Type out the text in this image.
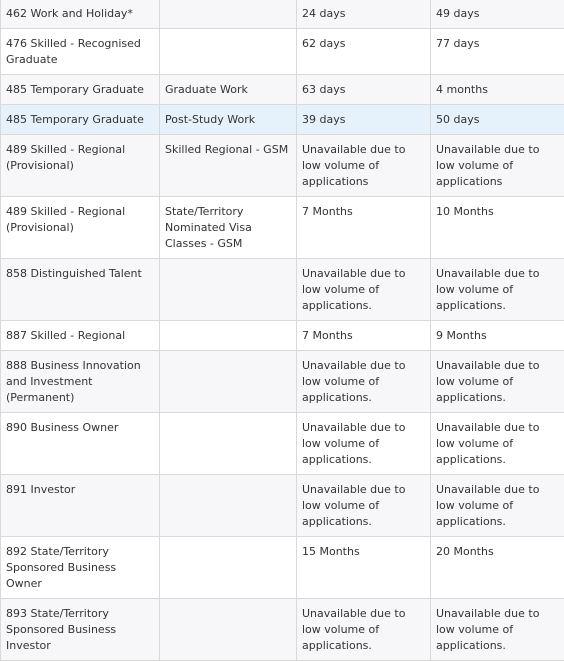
462 Work and Holiday*		24 days	49 days
476 Skilled - Recognised Graduate		62 days	77 days
485 Temporary Graduate	Graduate Work	63 days	4 months
485 Temporary Graduate	Post-Study Work	39 days	50 days
489 Skilled - Regional (Provisional)	Skilled Regional - GSM	Unavailable due to low volume of applications	Unavailable due to low volume of applications
489 Skilled - Regional (Provisional)	State/Territory Nominated Visa Classes - GSM	7 Months	10 Months
858 Distinguished Talent		Unavailable due to low volume of applications.	Unavailable due to low volume of applications.
887 Skilled - Regional		7 Months	9 Months
888 Business Innovation and Investment (Permanent)		Unavailable due to low volume of applications.	Unavailable due to low volume of applications.
890 Business Owner		Unavailable due to low volume of applications.	Unavailable due to low volume of applications.
891 Investor		Unavailable due to low volume of applications.	Unavailable due to low volume of applications.
892 State/Territory Sponsored Business Owner		15 Months	20 Months
893 State/Territory Sponsored Business Investor		Unavailable due to low volume of applications.	Unavailable due to low volume of applications.
